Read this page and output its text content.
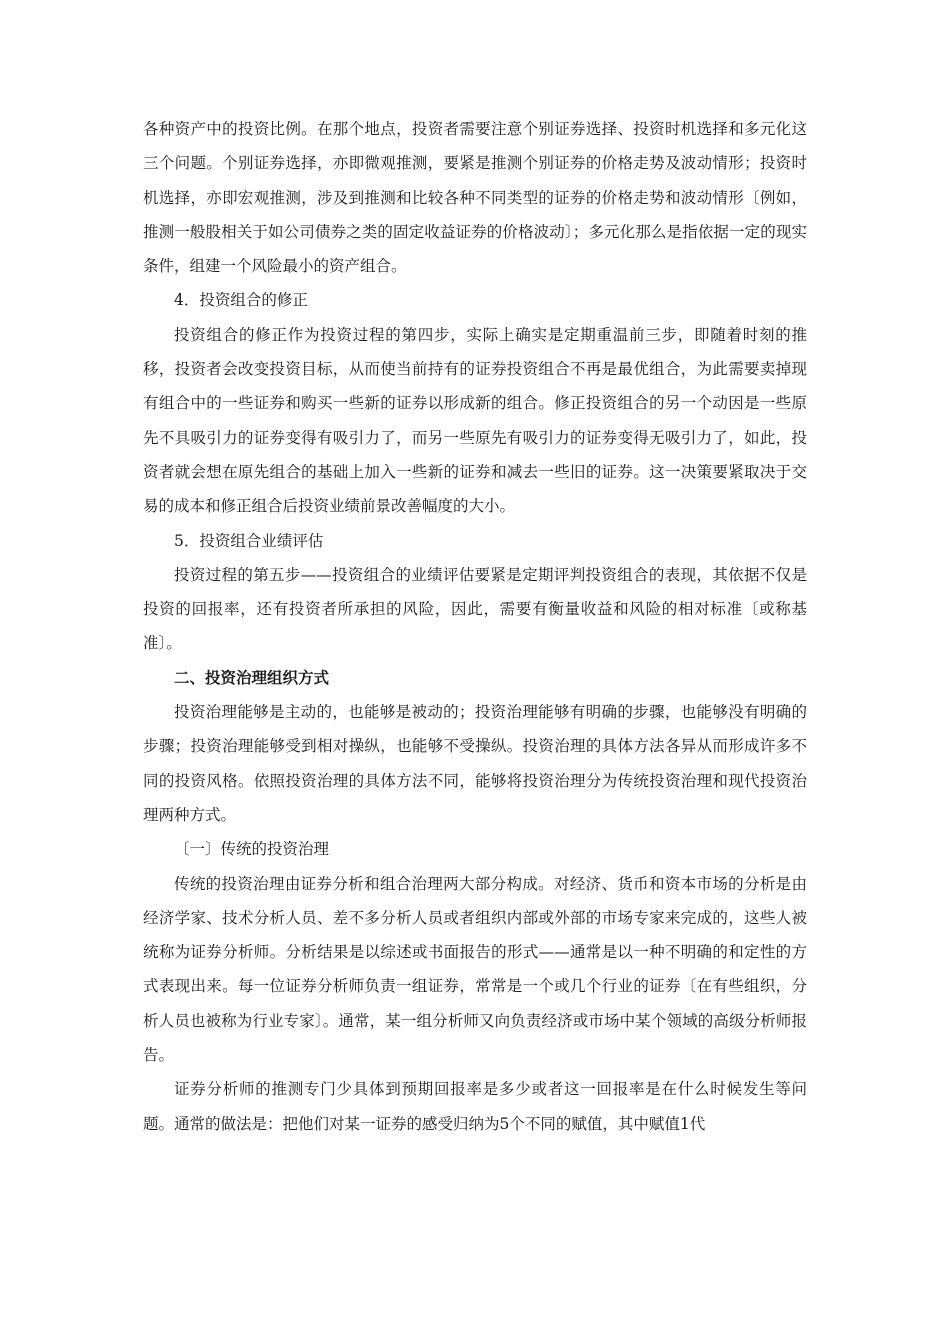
各种资产中的投资比例。在那个地点，投资者需要注意个别证券选择、投资时机选择和多元化这三个问题。个别证券选择，亦即微观推测，要紧是推测个别证券的价格走势及波动情形；投资时机选择，亦即宏观推测，涉及到推测和比较各种不同类型的证券的价格走势和波动情形〔例如，推测一般股相关于如公司债券之类的固定收益证券的价格波动〕；多元化那么是指依据一定的现实条件，组建一个风险最小的资产组合。

4．投资组合的修正

投资组合的修正作为投资过程的第四步，实际上确实是定期重温前三步，即随着时刻的推移，投资者会改变投资目标，从而使当前持有的证券投资组合不再是最优组合，为此需要卖掉现有组合中的一些证券和购买一些新的证券以形成新的组合。修正投资组合的另一个动因是一些原先不具吸引力的证券变得有吸引力了，而另一些原先有吸引力的证券变得无吸引力了，如此，投资者就会想在原先组合的基础上加入一些新的证券和减去一些旧的证券。这一决策要紧取决于交易的成本和修正组合后投资业绩前景改善幅度的大小。

5．投资组合业绩评估

投资过程的第五步——投资组合的业绩评估要紧是定期评判投资组合的表现，其依据不仅是投资的回报率，还有投资者所承担的风险，因此，需要有衡量收益和风险的相对标准〔或称基准〕。

二、投资治理组织方式

投资治理能够是主动的，也能够是被动的；投资治理能够有明确的步骤，也能够没有明确的步骤；投资治理能够受到相对操纵，也能够不受操纵。投资治理的具体方法各异从而形成许多不同的投资风格。依照投资治理的具体方法不同，能够将投资治理分为传统投资治理和现代投资治理两种方式。

〔一〕传统的投资治理

传统的投资治理由证券分析和组合治理两大部分构成。对经济、货币和资本市场的分析是由经济学家、技术分析人员、差不多分析人员或者组织内部或外部的市场专家来完成的，这些人被统称为证券分析师。分析结果是以综述或书面报告的形式——通常是以一种不明确的和定性的方式表现出来。每一位证券分析师负责一组证券，常常是一个或几个行业的证券〔在有些组织，分析人员也被称为行业专家〕。通常，某一组分析师又向负责经济或市场中某个领域的高级分析师报告。

证券分析师的推测专门少具体到预期回报率是多少或者这一回报率是在什么时候发生等问题。通常的做法是：把他们对某一证券的感受归纳为5个不同的赋值，其中赋值1代
